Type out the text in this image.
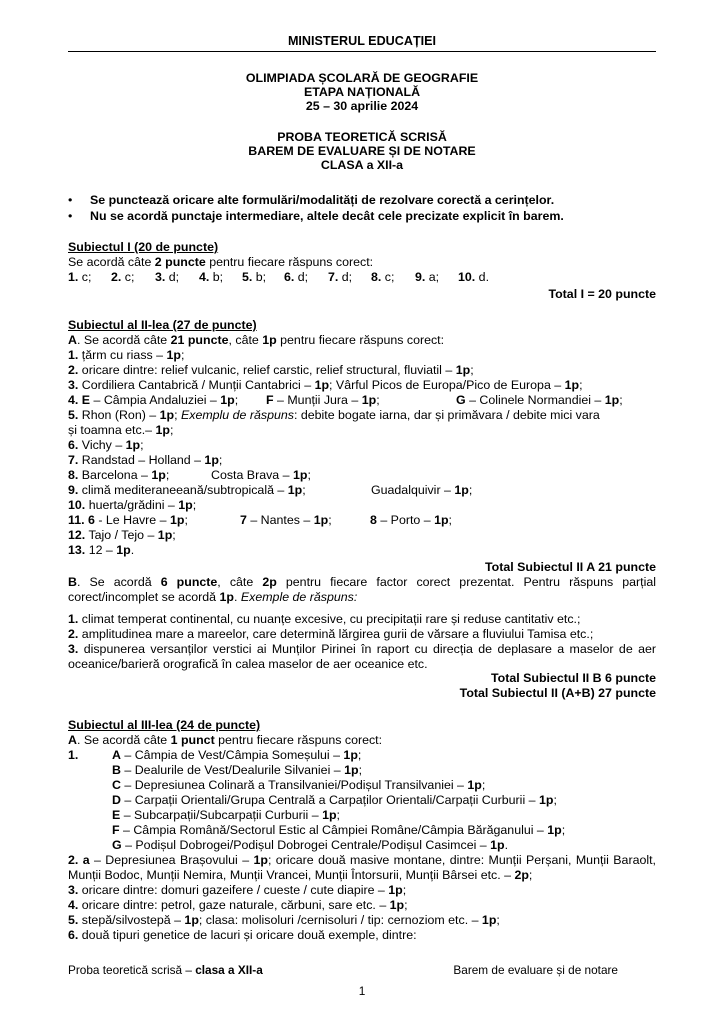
MINISTERUL EDUCAȚIEI
OLIMPIADA ȘCOLARĂ DE GEOGRAFIE
ETAPA NAȚIONALĂ
25 – 30 aprilie 2024
PROBA TEORETICĂ SCRISĂ
BAREM DE EVALUARE ȘI DE NOTARE
CLASA a XII-a
• Se punctează oricare alte formulări/modalități de rezolvare corectă a cerințelor.
• Nu se acordă punctaje intermediare, altele decât cele precizate explicit în barem.
Subiectul I (20 de puncte)
Se acordă câte 2 puncte pentru fiecare răspuns corect:
1. c; 2. c; 3. d; 4. b; 5. b; 6. d; 7. d; 8. c; 9. a; 10. d.
Total I = 20 puncte
Subiectul al II-lea (27 de puncte)
A. Se acordă câte 21 puncte, câte 1p pentru fiecare răspuns corect:
1. țărm cu riass – 1p;
2. oricare dintre: relief vulcanic, relief carstic, relief structural, fluviatil – 1p;
3. Cordiliera Cantabrică / Munții Cantabrici – 1p; Vârful Picos de Europa/Pico de Europa – 1p;
4. E – Câmpia Andaluziei – 1p; F – Munții Jura – 1p;	G – Colinele Normandiei – 1p;
5. Rhon (Ron) – 1p; Exemplu de răspuns: debite bogate iarna, dar și primăvara / debite mici vara
și toamna etc.– 1p;
6. Vichy – 1p;
7. Randstad – Holland – 1p;
8. Barcelona – 1p;	Costa Brava – 1p;
9. climă mediteraneeană/subtropicală – 1p;	Guadalquivir – 1p;
10. huerta/grădini – 1p;
11. 6 - Le Havre – 1p;	7 – Nantes – 1p;	8 – Porto – 1p;
12. Tajo / Tejo – 1p;
13. 12 – 1p.
Total Subiectul II A 21 puncte
B. Se acordă 6 puncte, câte 2p pentru fiecare factor corect prezentat. Pentru răspuns parțial corect/incomplet se acordă 1p. Exemple de răspuns:
1. climat temperat continental, cu nuanțe excesive, cu precipitații rare și reduse cantitativ etc.;
2. amplitudinea mare a mareelor, care determină lărgirea gurii de vărsare a fluviului Tamisa etc.;
3. dispunerea versanților verstici ai Munților Pirinei în raport cu direcția de deplasare a maselor de aer oceanice/barieră orografică în calea maselor de aer oceanice etc.
Total Subiectul II B 6 puncte
Total Subiectul II (A+B) 27 puncte
Subiectul al III-lea (24 de puncte)
A. Se acordă câte 1 punct pentru fiecare răspuns corect:
1.	A – Câmpia de Vest/Câmpia Someșului – 1p;
B – Dealurile de Vest/Dealurile Silvaniei – 1p;
C – Depresiunea Colinară a Transilvaniei/Podișul Transilvaniei – 1p;
D – Carpații Orientali/Grupa Centrală a Carpaților Orientali/Carpații Curburii – 1p;
E – Subcarpații/Subcarpații Curburii – 1p;
F – Câmpia Română/Sectorul Estic al Câmpiei Române/Câmpia Bărăganului – 1p;
G – Podișul Dobrogei/Podișul Dobrogei Centrale/Podișul Casimcei – 1p.
2. a – Depresiunea Brașovului – 1p; oricare două masive montane, dintre: Munții Perșani, Munții Baraolt, Munții Bodoc, Munții Nemira, Munții Vrancei, Munții Întorsurii, Munții Bârsei etc. – 2p;
3. oricare dintre: domuri gazeifere / cueste / cute diapire – 1p;
4. oricare dintre: petrol, gaze naturale, cărbuni, sare etc. – 1p;
5. stepă/silvostepă – 1p; clasa: molisoluri /cernisoluri / tip: cernoziom etc. – 1p;
6. două tipuri genetice de lacuri și oricare două exemple, dintre:
Proba teoretică scrisă – clasa a XII-a	Barem de evaluare și de notare
1
